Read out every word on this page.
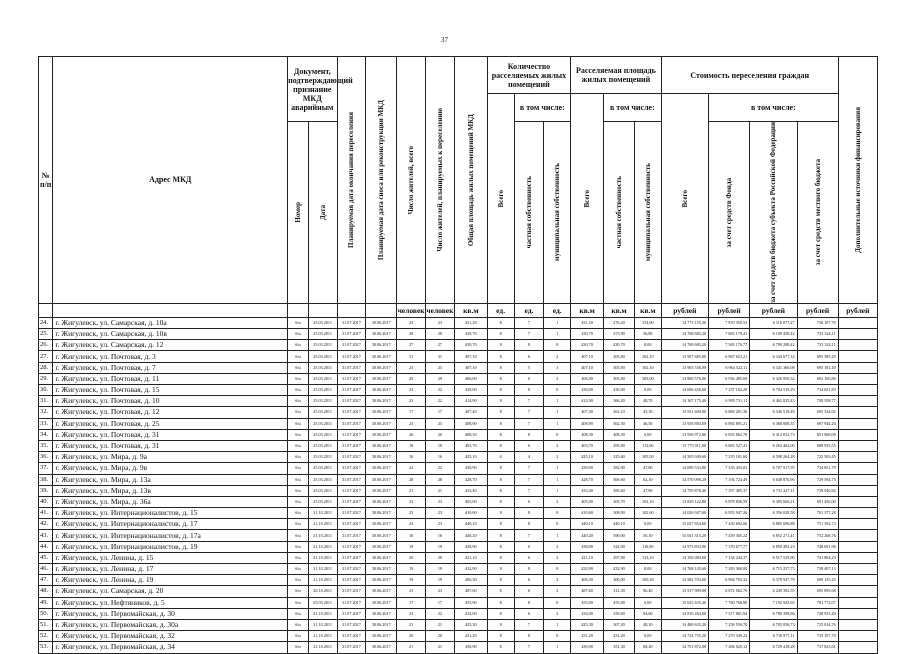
37
№ п/п	Адрес МКД	Документ, подтверждающий признание МКД аварийным		Планируемая дата окончания переселения	Планируемая дата сноса или реконструкции МКД	Число жителей, всего	Число жителей, планируемых к переселению	Общая площадь жилых помещений МКД	Количество расселяемых жилых помещений			Расселяемая площадь жилых помещений			Стоимость переселения граждан				Дополнительные источники финансирования

									Всего	в том числе:		Всего	в том числе:		Всего	в том числе:			

		Номер	Дата							частная собственность	муниципальная собственность		частная собственность	муниципальная собственность		за счет средств Фонда	за счет средств бюджета субъекта Российской Федерации	за счет средств местного бюджета	

						человек	человек	кв.м	ед.	ед.	ед.	кв.м	кв.м	кв.м	рублей	рублей	рублей	рублей	рублей
24.	г. Жигулевск, ул. Самарская, д. 10а	б/н	25.03.2011	31.07.2017	30.06.2017	23	23	431,20	8	7	1	431,20	276,20	154,90	14 773 155,30	7 870 350,53	6 116 077,27	736 107,70	
25.	г. Жигулевск, ул. Самарская, д. 10в	б/н	25.03.2011	31.07.2017	30.06.2017	28	28	430,70	8	7	1	430,70	373,90	56,80	14 768 683,20	7 865 178,41	6 109 458,42	733 324,11	
26.	г. Жигулевск, ул. Самарская, д. 12	б/н	25.03.2011	31.07.2017	30.06.2017	27	27	430,70	8	8	0	430,70	430,70	0,00	14 768 683,20	7 365 176,77	6 709 288,42	733 324,11	
27.	г. Жигулевск, ул. Почтовая, д. 3	б/н	25.03.2011	31.07.2017	30.06.2017	31	31	407,10	8	6	2	407,10	305,00	102,10	13 907 685,00	6 967 623,21	6 344 677,14	695 385,29	
28.	г. Жигулевск, ул. Почтовая, д. 7	б/н	25.03.2011	31.07.2017	30.06.2017	23	23	407,10	8	5	3	407,10	305,00	102,10	13 903 536,00	6 964 522,11	6 341 366,08	695 181,40	
29.	г. Жигулевск, ул. Почтовая, д. 11	б/н	25.03.2011	31.07.2017	30.06.2017	29	29	406,00	8	6	2	406,00	303,00	103,00	13 860 576,00	6 936 485,69	6 326 950,32	692 160,80	
30.	г. Жигулевск, ул. Почтовая, д. 15	б/н	25.03.2011	31.07.2017	30.06.2017	22	22	430,00	8	8	0	430,00	430,00	0,00	14 696 436,60	7 237 102,28	6 704 519,29	734 651,83	
31.	г. Жигулевск, ул. Почтовая, д. 10	б/н	25.03.2011	31.07.2017	30.06.2017	22	22	414,90	8	7	1	414,90	366,20	48,70	14 167 175,40	6 995 731,11	6 462 035,43	708 358,77	
32.	г. Жигулевск, ул. Почтовая, д. 12	б/н	25.03.2011	31.07.2017	30.06.2017	17	17	407,40	8	7	1	407,40	362,10	45,30	13 911 600,80	6 869 201,36	6 346 519,48	695 324,02	
33.	г. Жигулевск, ул. Почтовая, д. 25	б/н	25.03.2011	31.07.2017	30.06.2017	23	23	408,90	8	7	1	408,90	362,30	46,50	13 938 884,00	6 892 891,21	6 368 008,35	697 944,20	
34.	г. Жигулевск, ул. Почтовая, д. 31	б/н	25.03.2011	31.07.2017	30.06.2017	26	26	408,30	8	8	0	408,30	408,30	0,00	13 936 972,80	6 835 862,78	6 312 032,73	651 968,09	
35.	г. Жигулевск, ул. Почтовая, д. 31	б/н	25.03.2011	31.07.2017	30.06.2017	18	18	403,70	8	6	2	403,70	295,00	112,60	13 775 911,00	6 865 527,41	6 263 462,00	688 935,55	
36.	г. Жигулевск, ул. Мира, д. 9а	б/н	25.03.2011	31.07.2017	30.06.2017	16	16	425,10	6	4	2	425,10	325,60	105,50	14 505 949,60	7 235 181,60	6 598 264,28	722 503,45	
37.	г. Жигулевск, ул. Мира, д. 9в	б/н	25.03.2011	31.07.2017	30.06.2017	22	22	430,90	8	7	1	430,90	382,90	47,80	14 690 533,80	7 335 433,03	6 707 917,95	734 851,79	
38.	г. Жигулевск, ул. Мира, д. 13а	б/н	25.03.2011	31.07.2017	30.06.2017	28	28	428,70	8	7	1	428,70	366,60	62,10	14 570 096,20	7 194 724,49	6 648 876,96	729 594,75	
39.	г. Жигулевск, ул. Мира, д. 13в	б/н	25.03.2011	31.07.2017	30.06.2017	21	21	433,40	8	7	1	433,40	385,60	47,80	14 759 878,40	7 357 485,37	6 731 247,11	739 940,82	
40.	г. Жигулевск, ул. Мира, д. 36а	б/н	25.03.2011	31.07.2017	30.06.2017	23	23	405,00	8	6	2	405,00	305,70	102,10	13 829 122,80	6 878 836,59	6 305 660,21	691 456,00	
41.	г. Жигулевск, ул. Интернационалистов, д. 15	б/н	21.10.2011	31.07.2017	30.06.2017	23	23	410,60	8	8	0	410,60	308,00	102,60	14 026 947,60	6 955 947,26	6 356 028,58	701 377,28	
42.	г. Жигулевск, ул. Интернационалистов, д. 17	б/н	21.10.2011	31.07.2017	30.06.2017	23	23	440,10	8	8	0	440,10	440,10	0,00	15 027 654,60	7 430 692,66	6 885 696,88	751 392,73	
43.	г. Жигулевск, ул. Интернационалистов, д. 17а	б/н	21.10.2011	31.07.2017	30.06.2017	16	16	440,20	8	7	1	440,20	390,00	50,10	15 041 315,20	7 439 365,22	6 852 271,41	752 268,76	
44.	г. Жигулевск, ул. Интернационалистов, д. 19	б/н	21.10.2011	31.07.2017	30.06.2017	19	19	438,90	8	6	2	438,90	322,00	116,90	14 973 833,90	7 370 677,77	6 850 492,23	748 691,96	
45.	г. Жигулевск, ул. Ленина, д. 15	б/н	21.10.2011	31.07.2017	30.06.2017	20	20	421,10	8	6	2	421,10	297,00	123,10	14 356 084,60	7 134 244,37	6 517 529,90	741 864,23	
46.	г. Жигулевск, ул. Ленина, д. 17	б/н	21.10.2011	31.07.2017	30.06.2017	19	19	432,90	8	8	0	432,90	432,90	0,00	14 768 145,60	7 283 360,00	6 715 257,75	738 407,13	
47.	г. Жигулевск, ул. Ленина, д. 19	б/н	21.10.2011	31.07.2017	30.06.2017	19	19	406,30	8	6	2	406,30	306,00	100,30	13 982 703,60	6 904 703,32	6 378 947,79	699 135,45	
48.	г. Жигулевск, ул. Самарская, д. 20	б/н	20.10.2011	31.07.2017	30.06.2017	23	23	487,60	8	6	2	487,60	312,30	96,40	13 917 909,00	6 872 062,76	6 249 392,55	695 895,68	
49.	г. Жигулевск, ул. Нефтяников, д. 5	б/н	03.03.2011	31.07.2017	30.06.2017	17	17	455,90	8	8	0	455,90	455,90	0,00	15 635 435,40	7 760 766,90	7 192 945,65	781 772,07	
50.	г. Жигулевск, ул. Первомайская, д. 30	б/н	21.10.2011	31.07.2017	30.06.2017	22	22	434,00	8	6	2	434,00	339,60	94,60	14 816 264,00	7 317 861,94	6 780 398,86	740 933,20	
51.	г. Жигулевск, ул. Первомайская, д. 30а	б/н	21.10.2011	31.07.2017	30.06.2017	21	21	425,30	8	7	1	425,30	307,20	48,10	14 480 635,20	7 258 556,70	6 705 056,73	725 014,76	
52.	г. Жигулевск, ул. Первомайская, д. 32	б/н	21.10.2011	31.07.2017	30.06.2017	20	20	431,20	8	8	0	431,20	431,20	0,00	14 724 755,20	7 270 349,22	6 716 977,11	735 107,70	
53.	г. Жигулевск, ул. Первомайская, д. 34	б/н	21.10.2011	31.07.2017	30.06.2017	21	21	430,90	8	7	1	430,90	351,30	68,20	14 751 872,00	7 284 020,12	6 729 418,28	737 823,61	
